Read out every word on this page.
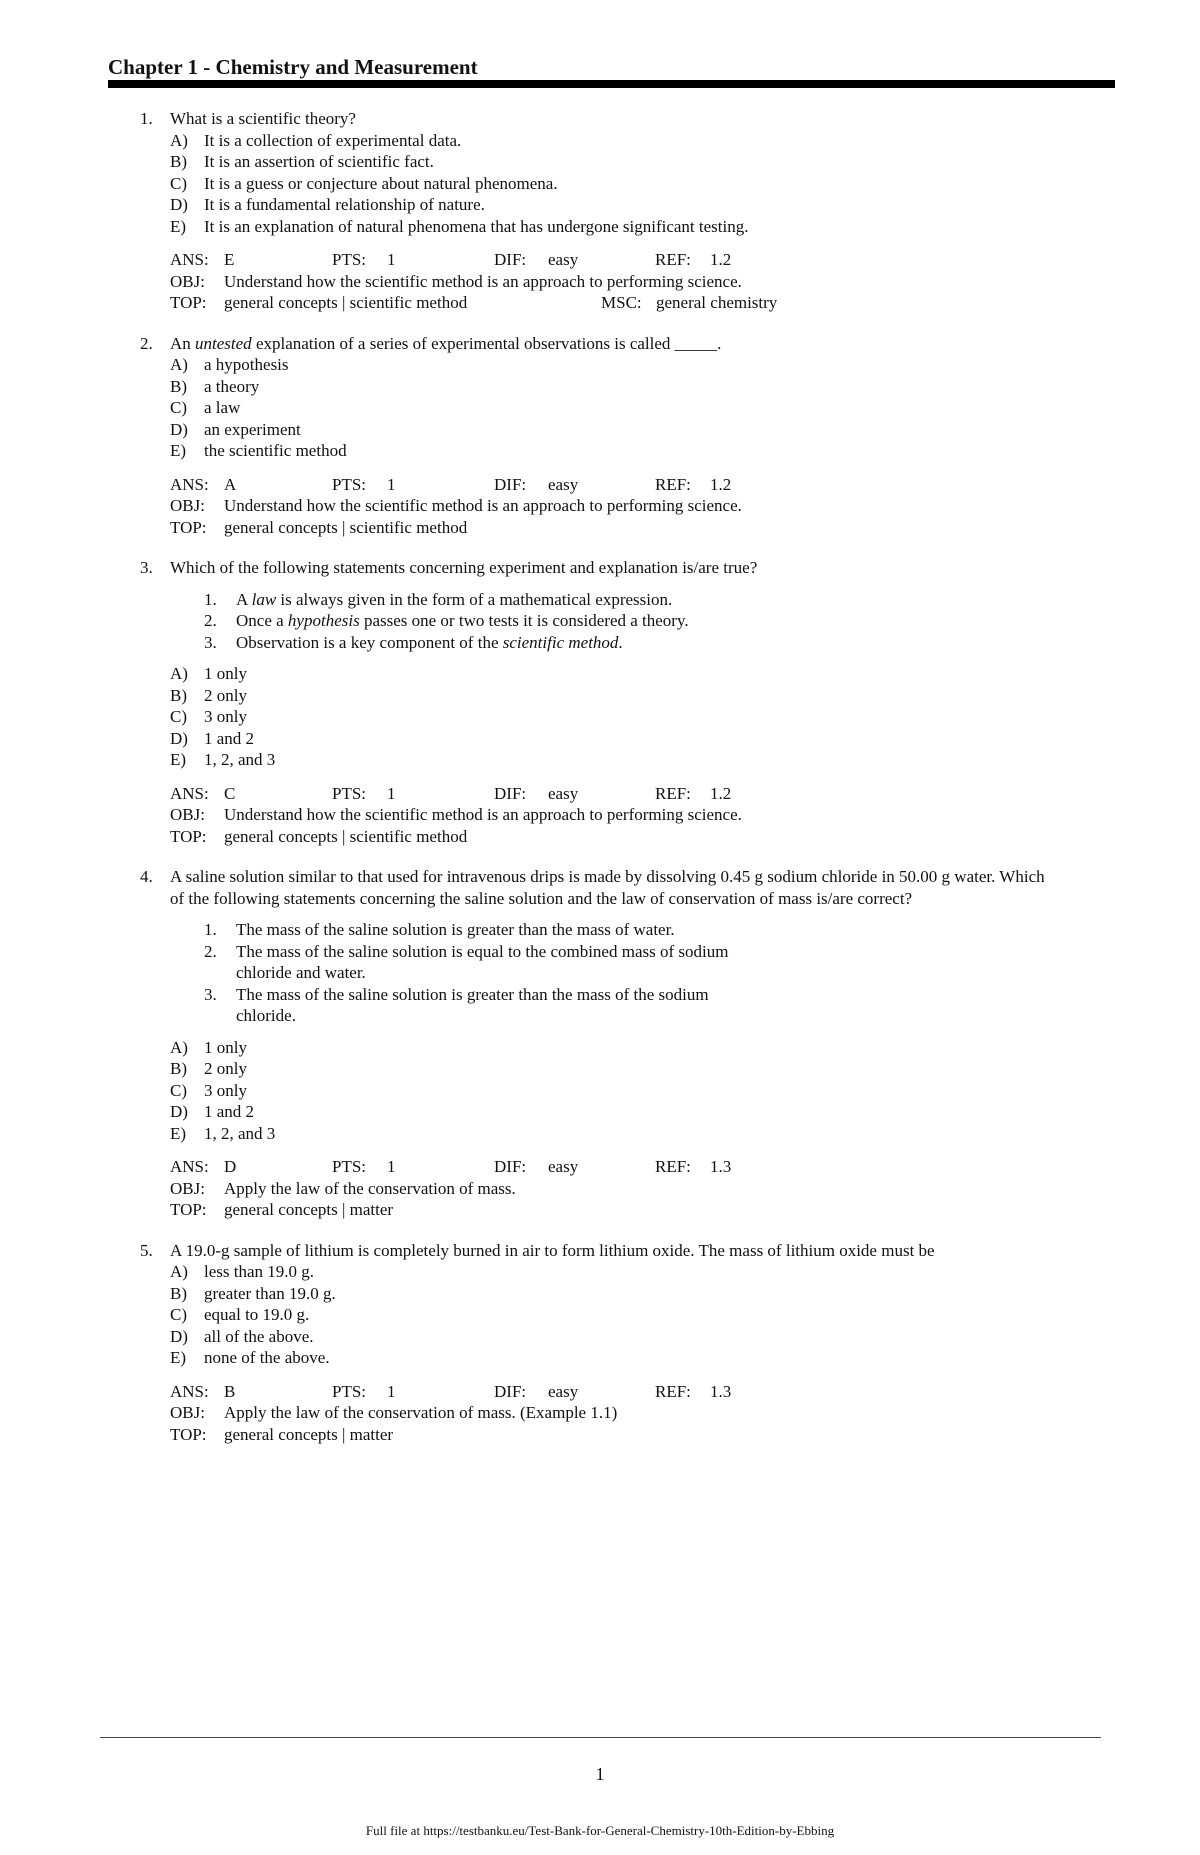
Chapter 1 - Chemistry and Measurement
1. What is a scientific theory?
A) It is a collection of experimental data.
B)	It is an assertion of scientific fact.
C)	It is a guess or conjecture about natural phenomena.
D) It is a fundamental relationship of nature.
E)	It is an explanation of natural phenomena that has undergone significant testing.
ANS: E	PTS:	1	DIF:	easy	REF:	1.2
OBJ:	Understand how the scientific method is an approach to performing science.
TOP:	general concepts | scientific method	MSC: general chemistry
2. An untested explanation of a series of experimental observations is called _____.
A) a hypothesis
B)	a theory
C)	a law
D) an experiment
E)	the scientific method
ANS: A	PTS:	1	DIF:	easy	REF:	1.2
OBJ:	Understand how the scientific method is an approach to performing science.
TOP:	general concepts | scientific method
3. Which of the following statements concerning experiment and explanation is/are true?
1.	A law is always given in the form of a mathematical expression.
2.	Once a hypothesis passes one or two tests it is considered a theory.
3.	Observation is a key component of the scientific method.
A) 1 only
B)	2 only
C)	3 only
D) 1 and 2
E)	1, 2, and 3
ANS: C	PTS:	1	DIF:	easy	REF:	1.2
OBJ:	Understand how the scientific method is an approach to performing science.
TOP:	general concepts | scientific method
4. A saline solution similar to that used for intravenous drips is made by dissolving 0.45 g sodium chloride in 50.00 g water. Which
of the following statements concerning the saline solution and the law of conservation of mass is/are correct?
1.	The mass of the saline solution is greater than the mass of water.
2.	The mass of the saline solution is equal to the combined mass of sodium chloride and water.
3.	The mass of the saline solution is greater than the mass of the sodium chloride.
A) 1 only
B)	2 only
C)	3 only
D) 1 and 2
E)	1, 2, and 3
ANS: D	PTS:	1	DIF:	easy	REF:	1.3
OBJ:	Apply the law of the conservation of mass.
TOP:	general concepts | matter
5. A 19.0-g sample of lithium is completely burned in air to form lithium oxide. The mass of lithium oxide must be
A) less than 19.0 g.
B)	greater than 19.0 g.
C)	equal to 19.0 g.
D) all of the above.
E)	none of the above.
ANS: B	PTS:	1	DIF:	easy	REF:	1.3
OBJ:	Apply the law of the conservation of mass. (Example 1.1)
TOP:	general concepts | matter
1
Full file at https://testbanku.eu/Test-Bank-for-General-Chemistry-10th-Edition-by-Ebbing
